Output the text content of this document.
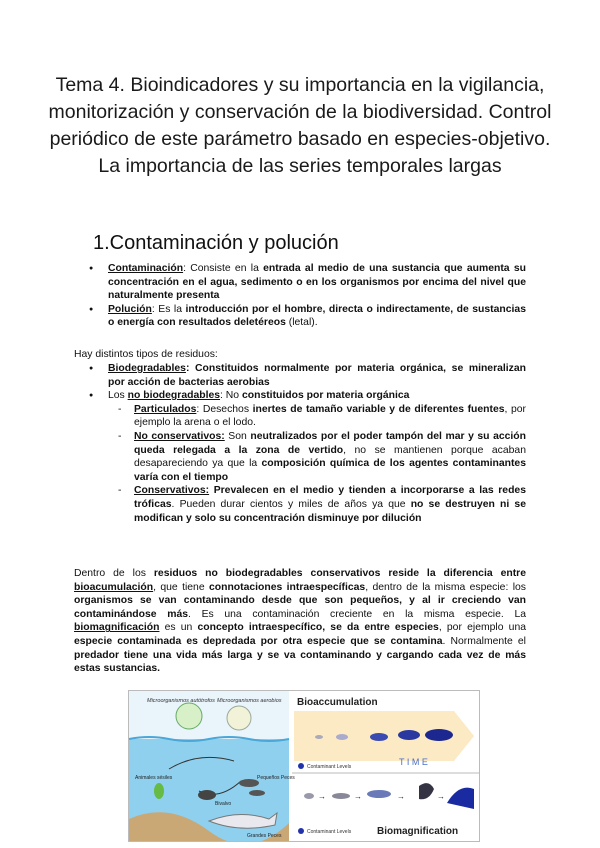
Tema 4. Bioindicadores y su importancia en la vigilancia, monitorización y conservación de la biodiversidad. Control periódico de este parámetro basado en especies-objetivo. La importancia de las series temporales largas
1.Contaminación y polución
● Contaminación: Consiste en la entrada al medio de una sustancia que aumenta su concentración en el agua, sedimento o en los organismos por encima del nivel que naturalmente presenta
● Polución: Es la introducción por el hombre, directa o indirectamente, de sustancias o energía con resultados deletéreos (letal).
Hay distintos tipos de residuos:
● Biodegradables: Constituidos normalmente por materia orgánica, se mineralizan por acción de bacterias aerobias
● Los no biodegradables: No constituidos por materia orgánica
- Particulados: Desechos inertes de tamaño variable y de diferentes fuentes, por ejemplo la arena o el lodo.
- No conservativos: Son neutralizados por el poder tampón del mar y su acción queda relegada a la zona de vertido, no se mantienen porque acaban desapareciendo ya que la composición química de los agentes contaminantes varía con el tiempo
- Conservativos: Prevalecen en el medio y tienden a incorporarse a las redes tróficas. Pueden durar cientos y miles de años ya que no se destruyen ni se modifican y solo su concentración disminuye por dilución
Dentro de los residuos no biodegradables conservativos reside la diferencia entre bioacumulación, que tiene connotaciones intraespecíficas, dentro de la misma especie: los organismos se van contaminando desde que son pequeños, y al ir creciendo van contaminándose más. Es una contaminación creciente en la misma especie. La biomagnificación es un concepto intraespecífico, se da entre especies, por ejemplo una especie contaminada es depredada por otra especie que se contamina. Normalmente el predador tiene una vida más larga y se va contaminando y cargando cada vez de más estas sustancias.
Microorganismos autótrofos Microorganismos aerobios
Animales sésiles
Bivalvo
Pequeños Peces
Grandes Peces
Bioaccumulation
T I M E
Contaminant Levels
→	→	→	→
Contaminant Levels	Biomagnification
